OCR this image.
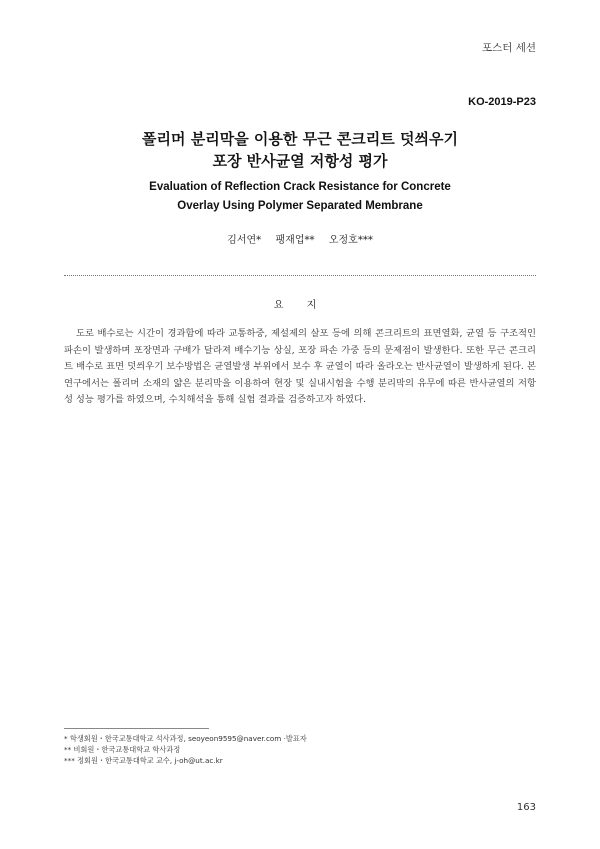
포스터 세션
KO-2019-P23
폴리머 분리막을 이용한 무근 콘크리트 덧씌우기
포장 반사균열 저항성 평가
Evaluation of Reflection Crack Resistance for Concrete
Overlay Using Polymer Separated Membrane
김서연*  팽재업**  오정호***
요 지

도로 배수로는 시간이 경과함에 따라 교통하중, 제설제의 살포 등에 의해 콘크리트의 표면열화, 균열 등 구조적인 파손이 발생하며 포장면과 구배가 달라져 배수기능 상실, 포장 파손 가중 등의 문제점이 발생한다. 또한 무근 콘크리트 배수로 표면 덧씌우기 보수방법은 균열발생 부위에서 보수 후 균열이 따라 올라오는 반사균열이 발생하게 된다. 본 연구에서는 폴리머 소재의 얇은 분리막을 이용하여 현장 및 실내시험을 수행 분리막의 유무에 따른 반사균열의 저항성 성능 평가를 하였으며, 수치해석을 통해 실험 결과를 검증하고자 하였다.

* 학생회원・한국교통대학교 석사과정, seoyeon9595@naver.com ·발표자
** 비회원・한국교통대학교 학사과정
*** 정회원・한국교통대학교 교수, j-oh@ut.ac.kr
163
